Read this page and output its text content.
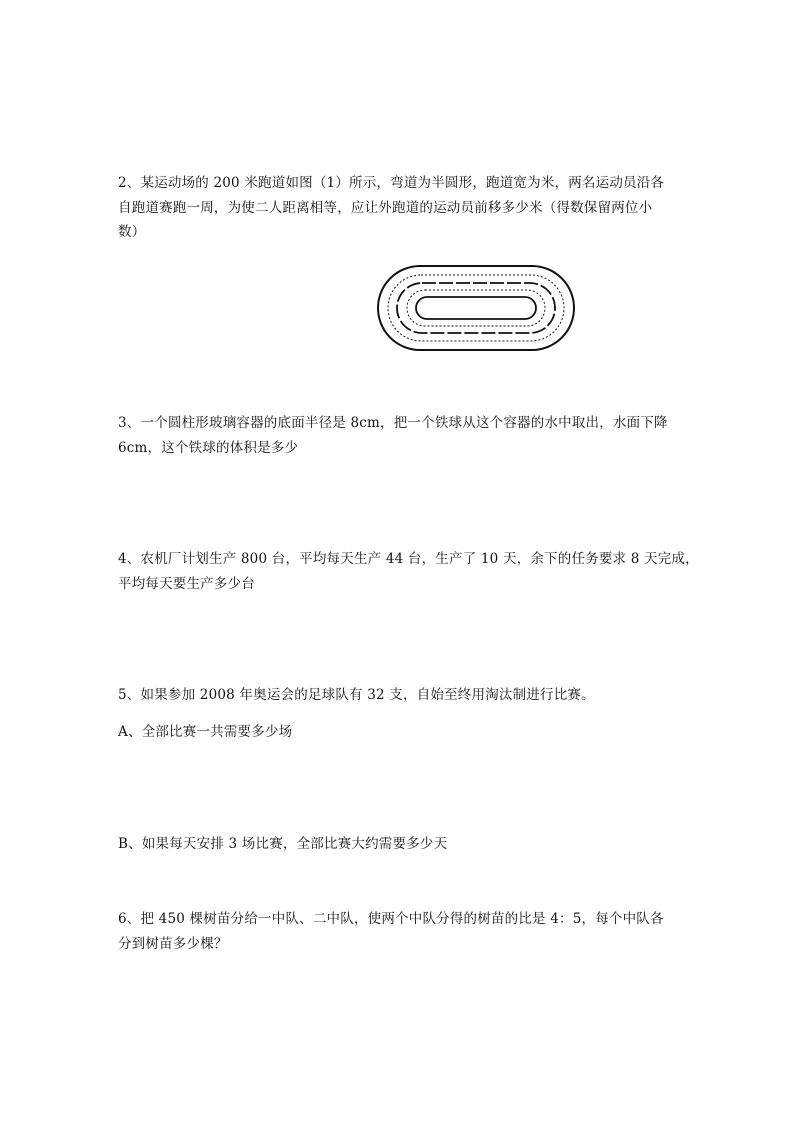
2、某运动场的 200 米跑道如图（1）所示，弯道为半圆形，跑道宽为米，两名运动员沿各
自跑道赛跑一周，为使二人距离相等，应让外跑道的运动员前移多少米（得数保留两位小
数）
3、一个圆柱形玻璃容器的底面半径是 8cm，把一个铁球从这个容器的水中取出，水面下降
6cm，这个铁球的体积是多少
4、农机厂计划生产 800 台，平均每天生产 44 台，生产了 10 天，余下的任务要求 8 天完成，
平均每天要生产多少台
5、如果参加 2008 年奥运会的足球队有 32 支，自始至终用淘汰制进行比赛。
A、全部比赛一共需要多少场
B、如果每天安排 3 场比赛，全部比赛大约需要多少天
6、把 450 棵树苗分给一中队、二中队，使两个中队分得的树苗的比是 4：5，每个中队各
分到树苗多少棵？
